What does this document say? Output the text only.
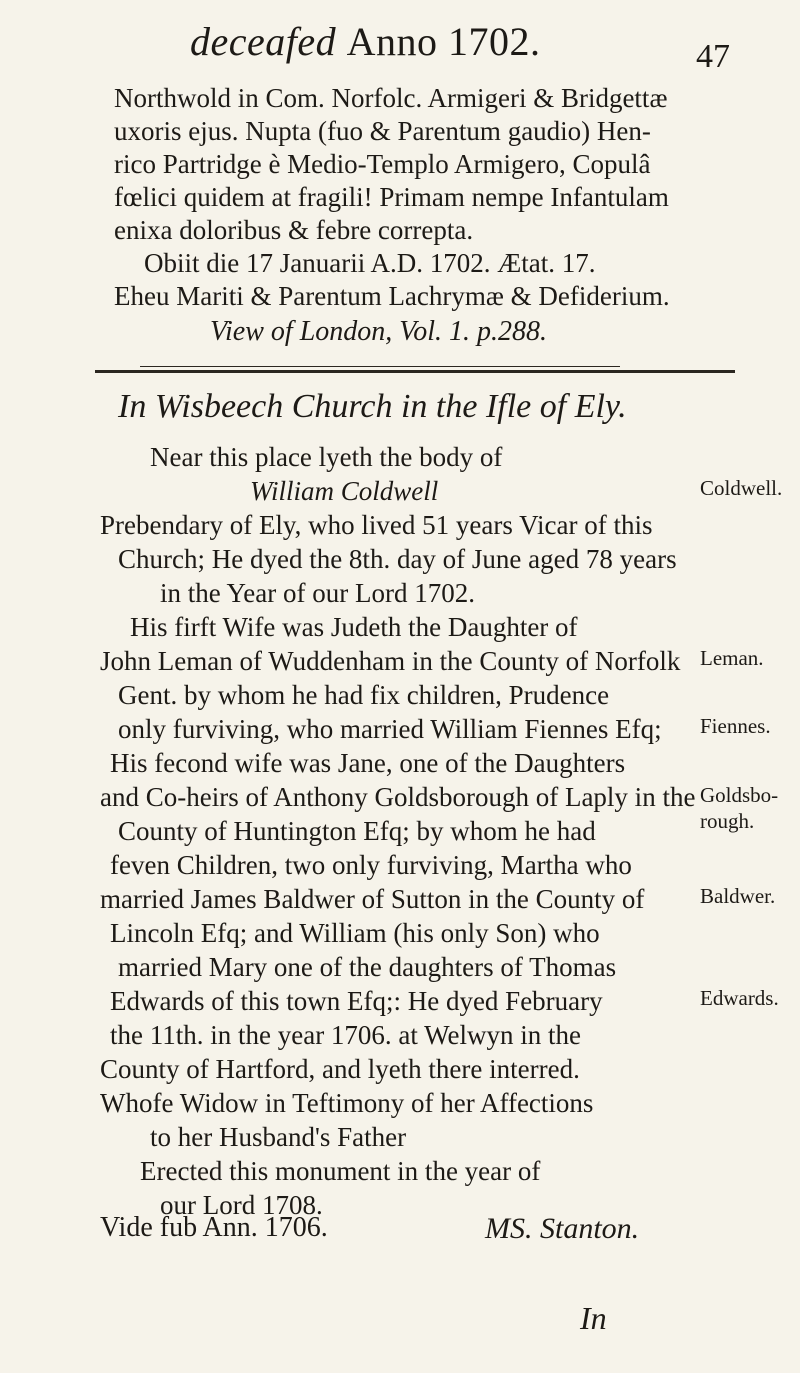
deceafed Anno 1702.	47

Northwold in Com. Norfolc. Armigeri & Bridgettæ

uxoris ejus. Nupta (fuo & Parentum gaudio) Hen-

rico Partridge è Medio-Templo Armigero, Copulâ

fœlici quidem at fragili! Primam nempe Infantulam

enixa doloribus & febre correpta.

Obiit die 17 Januarii A.D. 1702. Ætat. 17.

Eheu Mariti & Parentum Lachrymæ & Defiderium.

View of London, Vol. 1. p.288.
In Wisbeech Church in the Ifle of Ely.
Near this place lyeth the body of
William Coldwell
Prebendary of Ely, who lived 51 years Vicar of this
Church; He dyed the 8th. day of June aged 78 years
in the Year of our Lord 1702.
His firft Wife was Judeth the Daughter of
John Leman of Wuddenham in the County of Norfolk
Gent. by whom he had fix children, Prudence
only furviving, who married William Fiennes Efq;
His fecond wife was Jane, one of the Daughters
and Co-heirs of Anthony Goldsborough of Laply in the
County of Huntington Efq; by whom he had
feven Children, two only furviving, Martha who
married James Baldwer of Sutton in the County of
Lincoln Efq; and William (his only Son) who
married Mary one of the daughters of Thomas
Edwards of this town Efq;: He dyed February
the 11th. in the year 1706. at Welwyn in the
County of Hartford, and lyeth there interred.
Whofe Widow in Teftimony of her Affections
to her Husband's Father
Erected this monument in the year of
our Lord 1708.
Coldwell.
Leman.
Fiennes.
Goldsbo-rough.
Baldwer.
Edwards.
Vide fub Ann. 1706.	MS. Stanton.
In
